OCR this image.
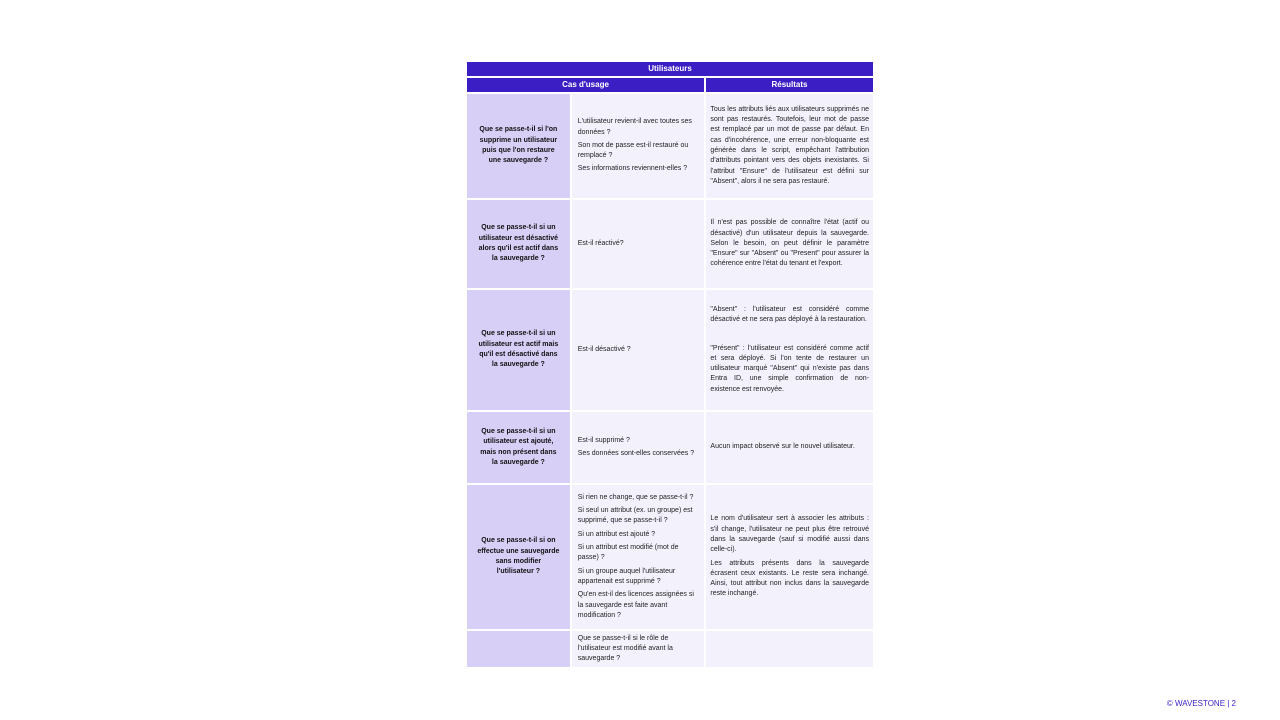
Utilisateurs
Cas d'usage	Résultats
Que se passe-t-il si l'on supprime un utilisateur puis que l'on restaure une sauvegarde ?

L'utilisateur revient-il avec toutes ses données ?

Son mot de passe est-il restauré ou remplacé ?

Ses informations reviennent-elles ?

Tous les attributs liés aux utilisateurs supprimés ne sont pas restaurés. Toutefois, leur mot de passe est remplacé par un mot de passe par défaut. En cas d'incohérence, une erreur non-bloquante est générée dans le script, empêchant l'attribution d'attributs pointant vers des objets inexistants. Si l'attribut "Ensure" de l'utilisateur est défini sur "Absent", alors il ne sera pas restauré.

Que se passe-t-il si un utilisateur est désactivé alors qu'il est actif dans la sauvegarde ?

Est-il réactivé?

Il n'est pas possible de connaître l'état (actif ou désactivé) d'un utilisateur depuis la sauvegarde. Selon le besoin, on peut définir le paramètre "Ensure" sur "Absent" ou "Present" pour assurer la cohérence entre l'état du tenant et l'export.

Que se passe-t-il si un utilisateur est actif mais qu'il est désactivé dans la sauvegarde ?

Est-il désactivé ?

"Absent" : l'utilisateur est considéré comme désactivé et ne sera pas déployé à la restauration.

"Présent" : l'utilisateur est considéré comme actif et sera déployé. Si l'on tente de restaurer un utilisateur marqué "Absent" qui n'existe pas dans Entra ID, une simple confirmation de non-existence est renvoyée.

Que se passe-t-il si un utilisateur est ajouté, mais non présent dans la sauvegarde ?

Est-il supprimé ?

Ses données sont-elles conservées ?

Aucun impact observé sur le nouvel utilisateur.

Que se passe-t-il si on effectue une sauvegarde sans modifier l'utilisateur ?

Si rien ne change, que se passe-t-il ?

Si seul un attribut (ex. un groupe) est supprimé, que se passe-t-il ?

Si un attribut est ajouté ?

Si un attribut est modifié (mot de passe) ?

Si un groupe auquel l'utilisateur appartenait est supprimé ?

Qu'en est-il des licences assignées si la sauvegarde est faite avant modification ?

Le nom d'utilisateur sert à associer les attributs : s'il change, l'utilisateur ne peut plus être retrouvé dans la sauvegarde (sauf si modifié aussi dans celle-ci).

Les attributs présents dans la sauvegarde écrasent ceux existants. Le reste sera inchangé. Ainsi, tout attribut non inclus dans la sauvegarde reste inchangé.

Que se passe-t-il si le rôle de l'utilisateur est modifié avant la sauvegarde ?

© WAVESTONE | 2
